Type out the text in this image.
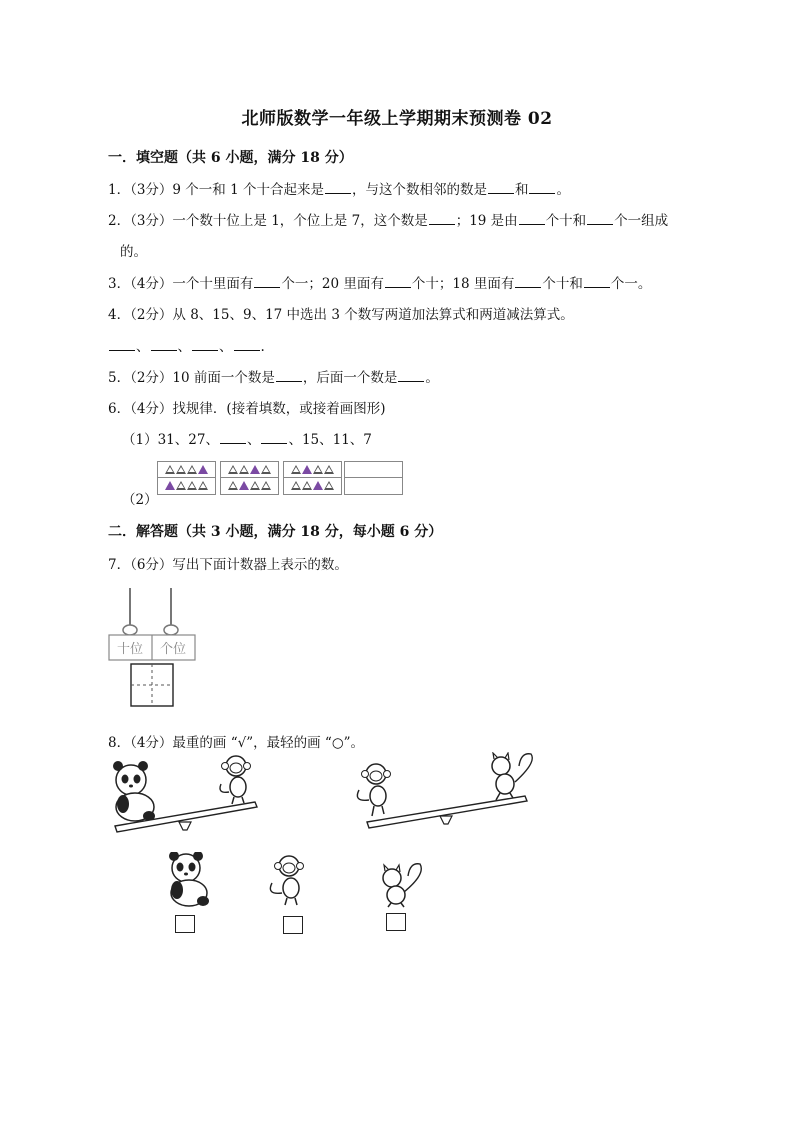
北师版数学一年级上学期期末预测卷 02
一．填空题（共 6 小题，满分 18 分）
1．（3分）9 个一和 1 个十合起来是 ，与这个数相邻的数是 和 。
2．（3分）一个数十位上是 1，个位上是 7，这个数是 ；19 是由 个十和 个一组成
的。
3．（4分）一个十里面有 个一；20 里面有 个十；18 里面有 个十和 个一。
4．（2分）从 8、15、9、17 中选出 3 个数写两道加法算式和两道减法算式。
、 、 、 .
5．（2分）10 前面一个数是 ，后面一个数是 。
6．（4分）找规律．(接着填数，或接着画图形)
（1）31、27、 、 、15、11、7
（2）
二．解答题（共 3 小题，满分 18 分，每小题 6 分）
7．（6分）写出下面计数器上表示的数。
十位 个位
8．（4分）最重的画 “√”，最轻的画 “○”。
